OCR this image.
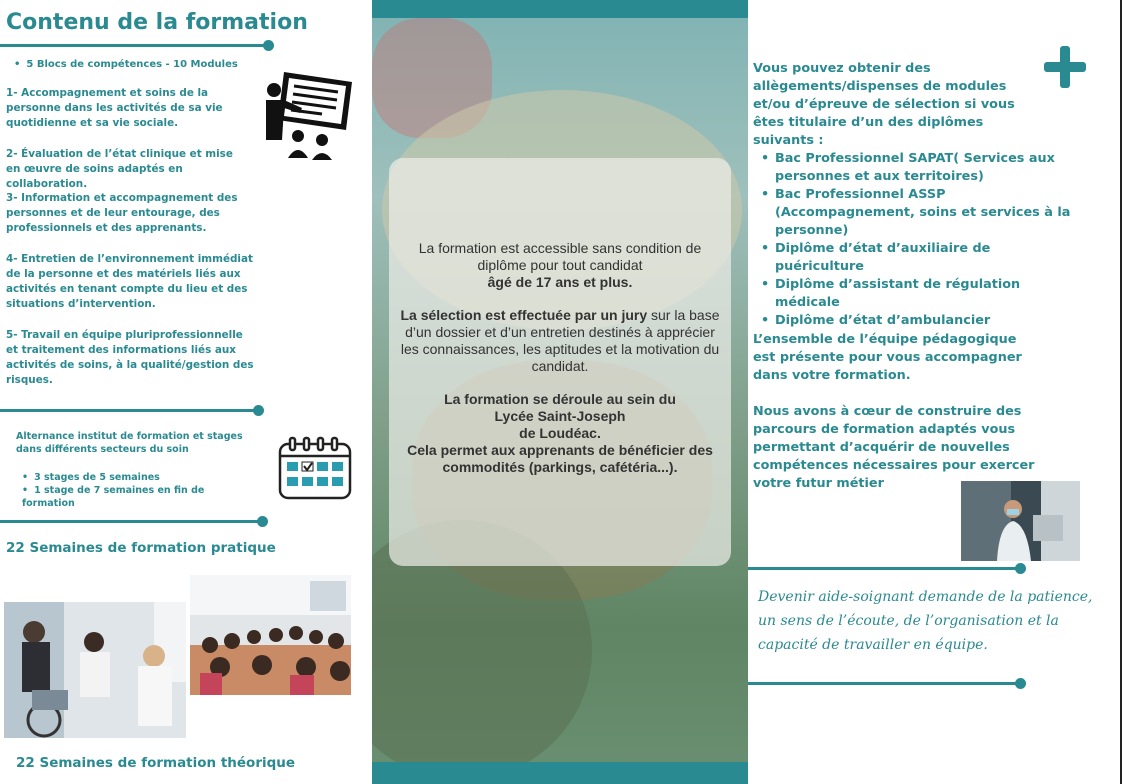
Contenu de la formation
• 5 Blocs de compétences - 10 Modules
1- Accompagnement et soins de la personne dans les activités de sa vie quotidienne et sa vie sociale.
2- Évaluation de l’état clinique et mise en œuvre de soins adaptés en collaboration.
3- Information et accompagnement des personnes et de leur entourage, des professionnels et des apprenants.
4- Entretien de l’environnement immédiat de la personne et des matériels liés aux activités en tenant compte du lieu et des situations d’intervention.
5- Travail en équipe pluriprofessionnelle et traitement des informations liés aux activités de soins, à la qualité/gestion des risques.
Alternance institut de formation et stages dans différents secteurs du soin
• 3 stages de 5 semaines
• 1 stage de 7 semaines en fin de formation
22 Semaines de formation pratique
22 Semaines de formation théorique

La formation est accessible sans condition de diplôme pour tout candidat
âgé de 17 ans et plus.

La sélection est effectuée par un jury sur la base d’un dossier et d’un entretien destinés à apprécier les connaissances, les aptitudes et la motivation du candidat.

La formation se déroule au sein du
Lycée Saint-Joseph
de Loudéac.
Cela permet aux apprenants de bénéficier des commodités (parkings, cafétéria...).

Vous pouvez obtenir des allègements/dispenses de modules et/ou d’épreuve de sélection si vous êtes titulaire d’un des diplômes suivants :
• Bac Professionnel SAPAT( Services aux personnes et aux territoires)
• Bac Professionnel ASSP (Accompagnement, soins et services à la personne)
• Diplôme d’état d’auxiliaire de puériculture
• Diplôme d’assistant de régulation médicale
• Diplôme d’état d’ambulancier
L’ensemble de l’équipe pédagogique est présente pour vous accompagner dans votre formation.
Nous avons à cœur de construire des parcours de formation adaptés vous permettant d’acquérir de nouvelles compétences nécessaires pour exercer votre futur métier
Devenir aide-soignant demande de la patience, un sens de l’écoute, de l’organisation et la capacité de travailler en équipe.
